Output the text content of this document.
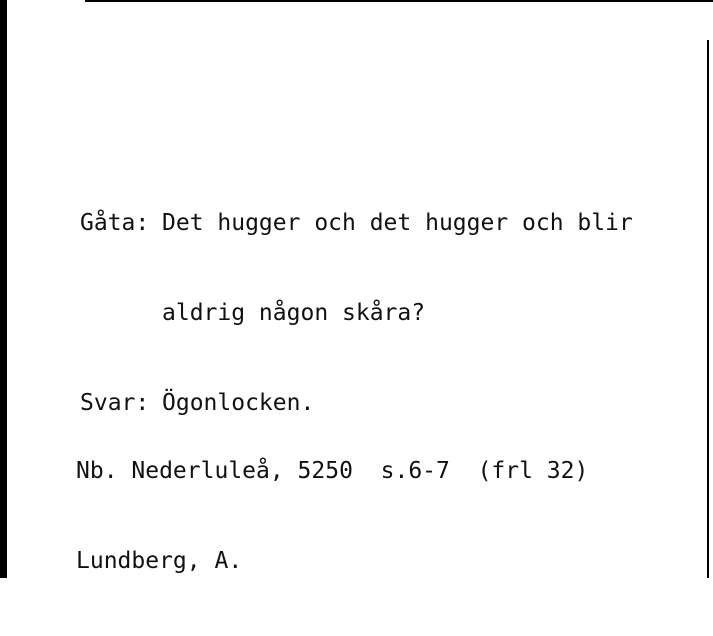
Gåta: Det hugger och det hugger och blir

aldrig någon skåra?

Svar: Ögonlocken.

Nb. Nederluleå, 5250  s.6-7  (frl 32)

Lundberg, A.
